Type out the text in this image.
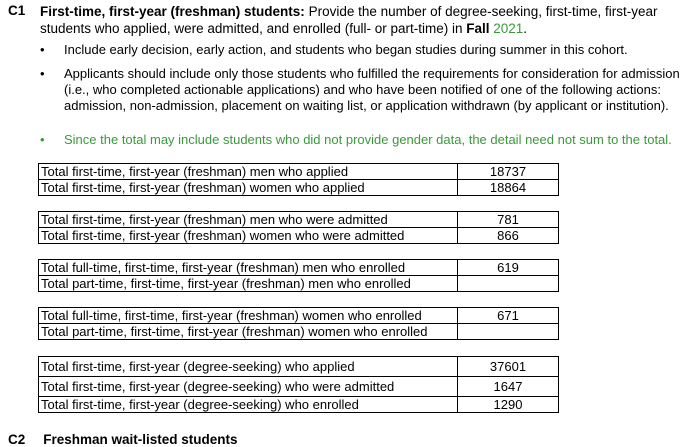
C1 First-time, first-year (freshman) students: Provide the number of degree-seeking, first-time, first-year students who applied, were admitted, and enrolled (full- or part-time) in Fall 2021.
•	Include early decision, early action, and students who began studies during summer in this cohort.
•	Applicants should include only those students who fulfilled the requirements for consideration for admission (i.e., who completed actionable applications) and who have been notified of one of the following actions: admission, non-admission, placement on waiting list, or application withdrawn (by applicant or institution).
•	Since the total may include students who did not provide gender data, the detail need not sum to the total.
Total first-time, first-year (freshman) men who applied	18737
Total first-time, first-year (freshman) women who applied	18864
Total first-time, first-year (freshman) men who were admitted	781
Total first-time, first-year (freshman) women who were admitted	866
Total full-time, first-time, first-year (freshman) men who enrolled	619
Total part-time, first-time, first-year (freshman) men who enrolled	
Total full-time, first-time, first-year (freshman) women who enrolled	671
Total part-time, first-time, first-year (freshman) women who enrolled	
Total first-time, first-year (degree-seeking) who applied	37601
Total first-time, first-year (degree-seeking) who were admitted	1647
Total first-time, first-year (degree-seeking) who enrolled	1290
C2 Freshman wait-listed students
